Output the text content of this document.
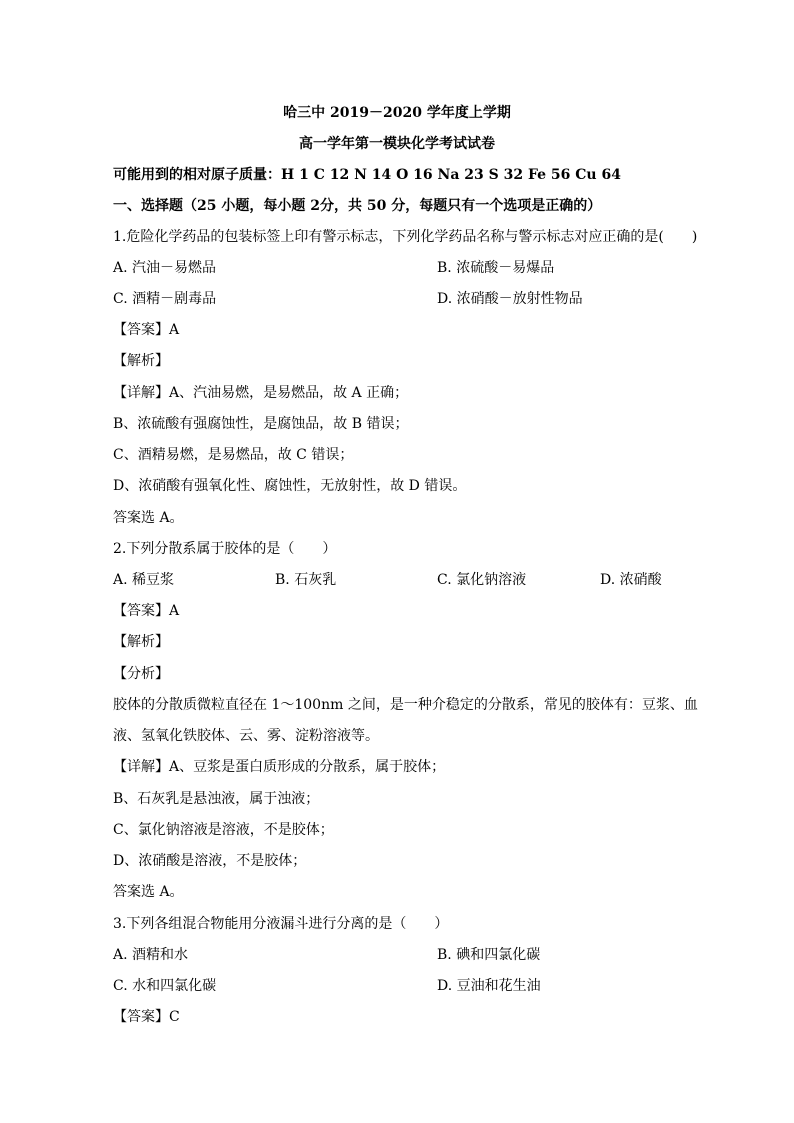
哈三中 2019－2020 学年度上学期
高一学年第一模块化学考试试卷
可能用到的相对原子质量：H 1 C 12 N 14 O 16 Na 23 S 32 Fe 56 Cu 64
一、选择题（25 小题，每小题 2分，共 50 分，每题只有一个选项是正确的）
1.危险化学药品的包装标签上印有警示标志，下列化学药品名称与警示标志对应正确的是(　　)
A. 汽油－易燃品	B. 浓硫酸－易爆品
C. 酒精－剧毒品	D. 浓硝酸－放射性物品
【答案】A
【解析】
【详解】A、汽油易燃，是易燃品，故 A 正确；
B、浓硫酸有强腐蚀性，是腐蚀品，故 B 错误；
C、酒精易燃，是易燃品，故 C 错误；
D、浓硝酸有强氧化性、腐蚀性，无放射性，故 D 错误。
答案选 A。
2.下列分散系属于胶体的是（　　）
A. 稀豆浆	B. 石灰乳	C. 氯化钠溶液	D. 浓硝酸
【答案】A
【解析】
【分析】
胶体的分散质微粒直径在 1～100nm 之间，是一种介稳定的分散系，常见的胶体有：豆浆、血
液、氢氧化铁胶体、云、雾、淀粉溶液等。
【详解】A、豆浆是蛋白质形成的分散系，属于胶体；
B、石灰乳是悬浊液，属于浊液；
C、氯化钠溶液是溶液，不是胶体；
D、浓硝酸是溶液，不是胶体；
答案选 A。
3.下列各组混合物能用分液漏斗进行分离的是（　　）
A. 酒精和水	B. 碘和四氯化碳
C. 水和四氯化碳	D. 豆油和花生油
【答案】C
